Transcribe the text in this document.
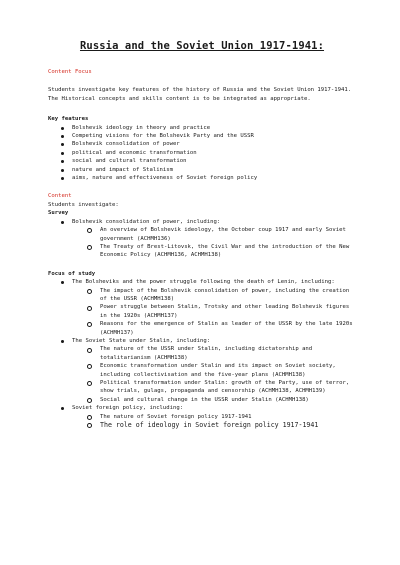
Russia and the Soviet Union 1917-1941:

Content Focus

Students investigate key features of the history of Russia and the Soviet Union 1917-1941. The Historical concepts and skills content is to be integrated as appropriate.

Key features

Bolshevik ideology in theory and practice
Competing visions for the Bolshevik Party and the USSR
Bolshevik consolidation of power
political and economic transformation
social and cultural transformation
nature and impact of Stalinism
aims, nature and effectiveness of Soviet foreign policy

Content

Students investigate:

Survey

Bolshevik consolidation of power, including:
An overview of Bolshevik ideology, the October coup 1917 and early Soviet government (ACHMH136)
The Treaty of Brest-Litovsk, the Civil War and the introduction of the New Economic Policy (ACHMH136, ACHMH138)

Focus of study

The Bolsheviks and the power struggle following the death of Lenin, including:
The impact of the Bolshevik consolidation of power, including the creation of the USSR (ACHMH138)
Power struggle between Stalin, Trotsky and other leading Bolshevik figures in the 1920s (ACHMH137)
Reasons for the emergence of Stalin as leader of the USSR by the late 1920s (ACHMH137)
The Soviet State under Stalin, including:
The nature of the USSR under Stalin, including dictatorship and totalitarianism (ACHMH138)
Economic transformation under Stalin and its impact on Soviet society, including collectivisation and the five-year plans (ACHMH138)
Political transformation under Stalin: growth of the Party, use of terror, show trials, gulags, propaganda and censorship (ACHMH138, ACHMH139)
Social and cultural change in the USSR under Stalin (ACHMH138)
Soviet foreign policy, including:
The nature of Soviet foreign policy 1917-1941
The role of ideology in Soviet foreign policy 1917-1941
